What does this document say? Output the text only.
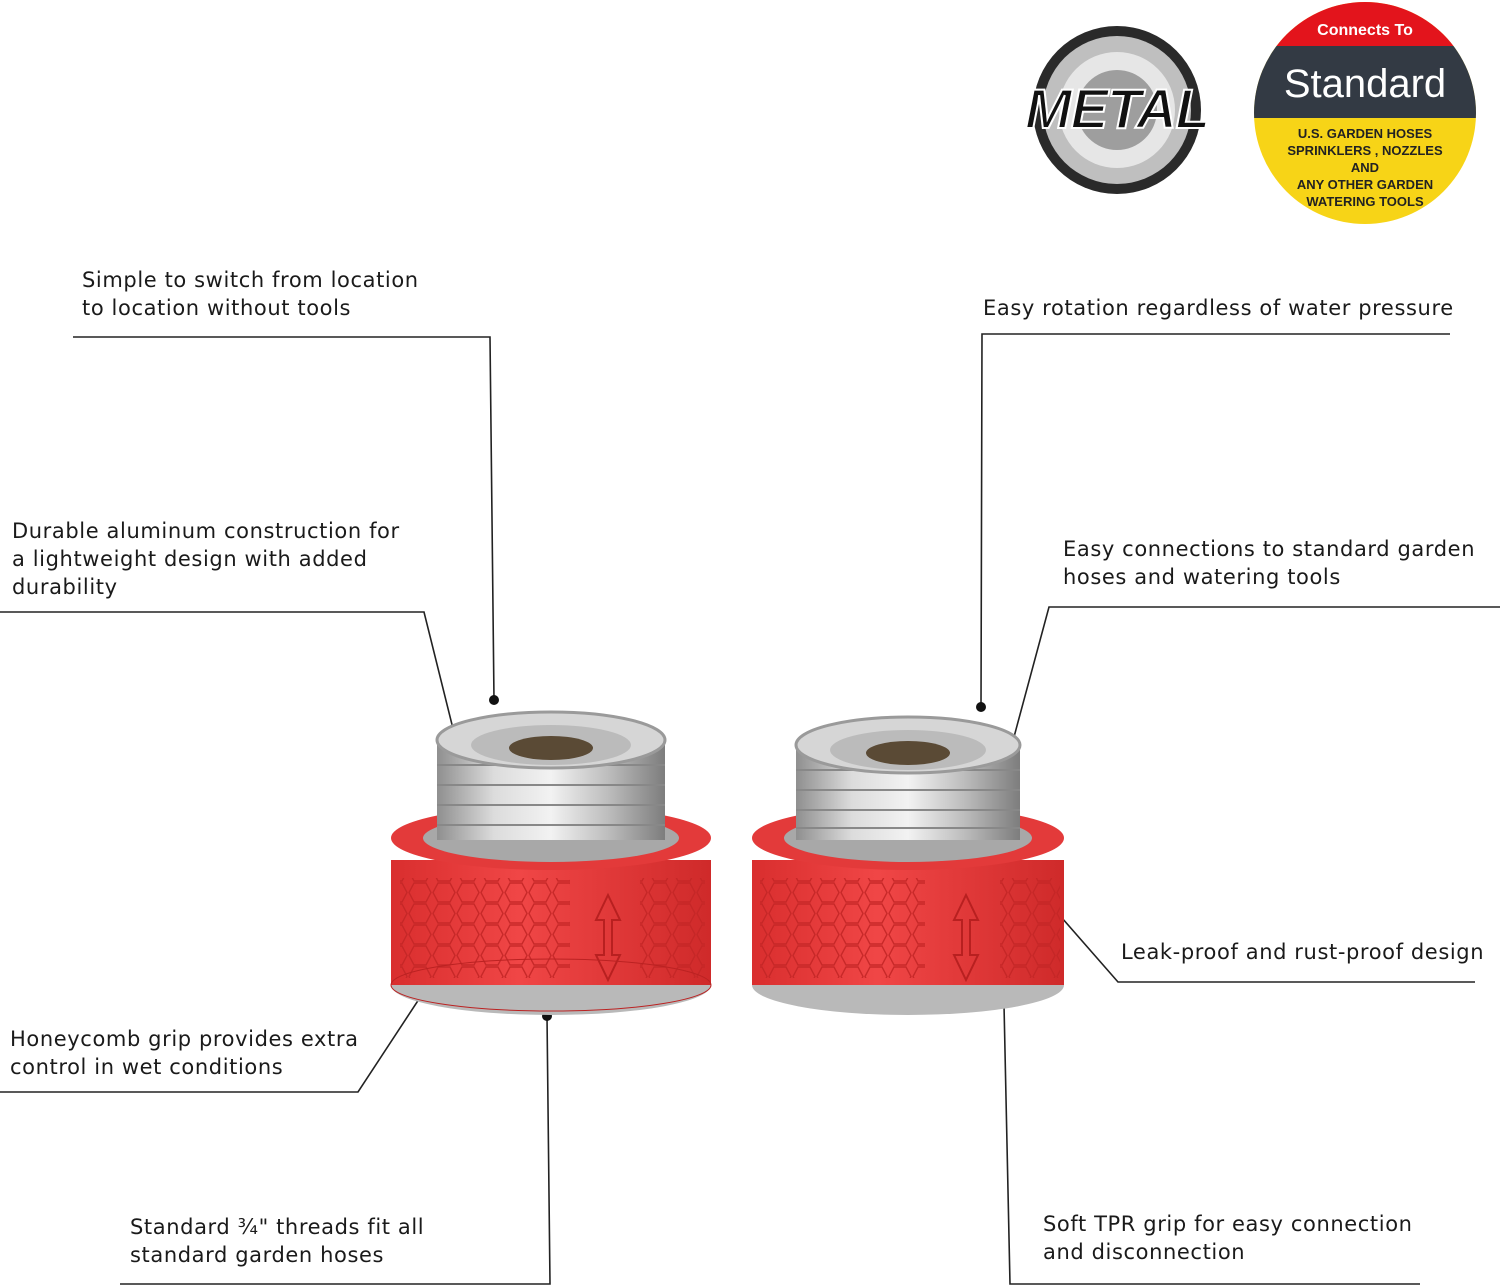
METAL
Connects To
Standard
U.S. GARDEN HOSES
SPRINKLERS , NOZZLES
AND
ANY OTHER GARDEN
WATERING TOOLS
Simple to switch from location
to location without tools
Durable aluminum construction for
a lightweight design with added
durability
Honeycomb grip provides extra
control in wet conditions
Standard ¾" threads fit all
standard garden hoses
Easy rotation regardless of water pressure
Easy connections to standard garden
hoses and watering tools
Leak-proof and rust-proof design
Soft TPR grip for easy connection
and disconnection
